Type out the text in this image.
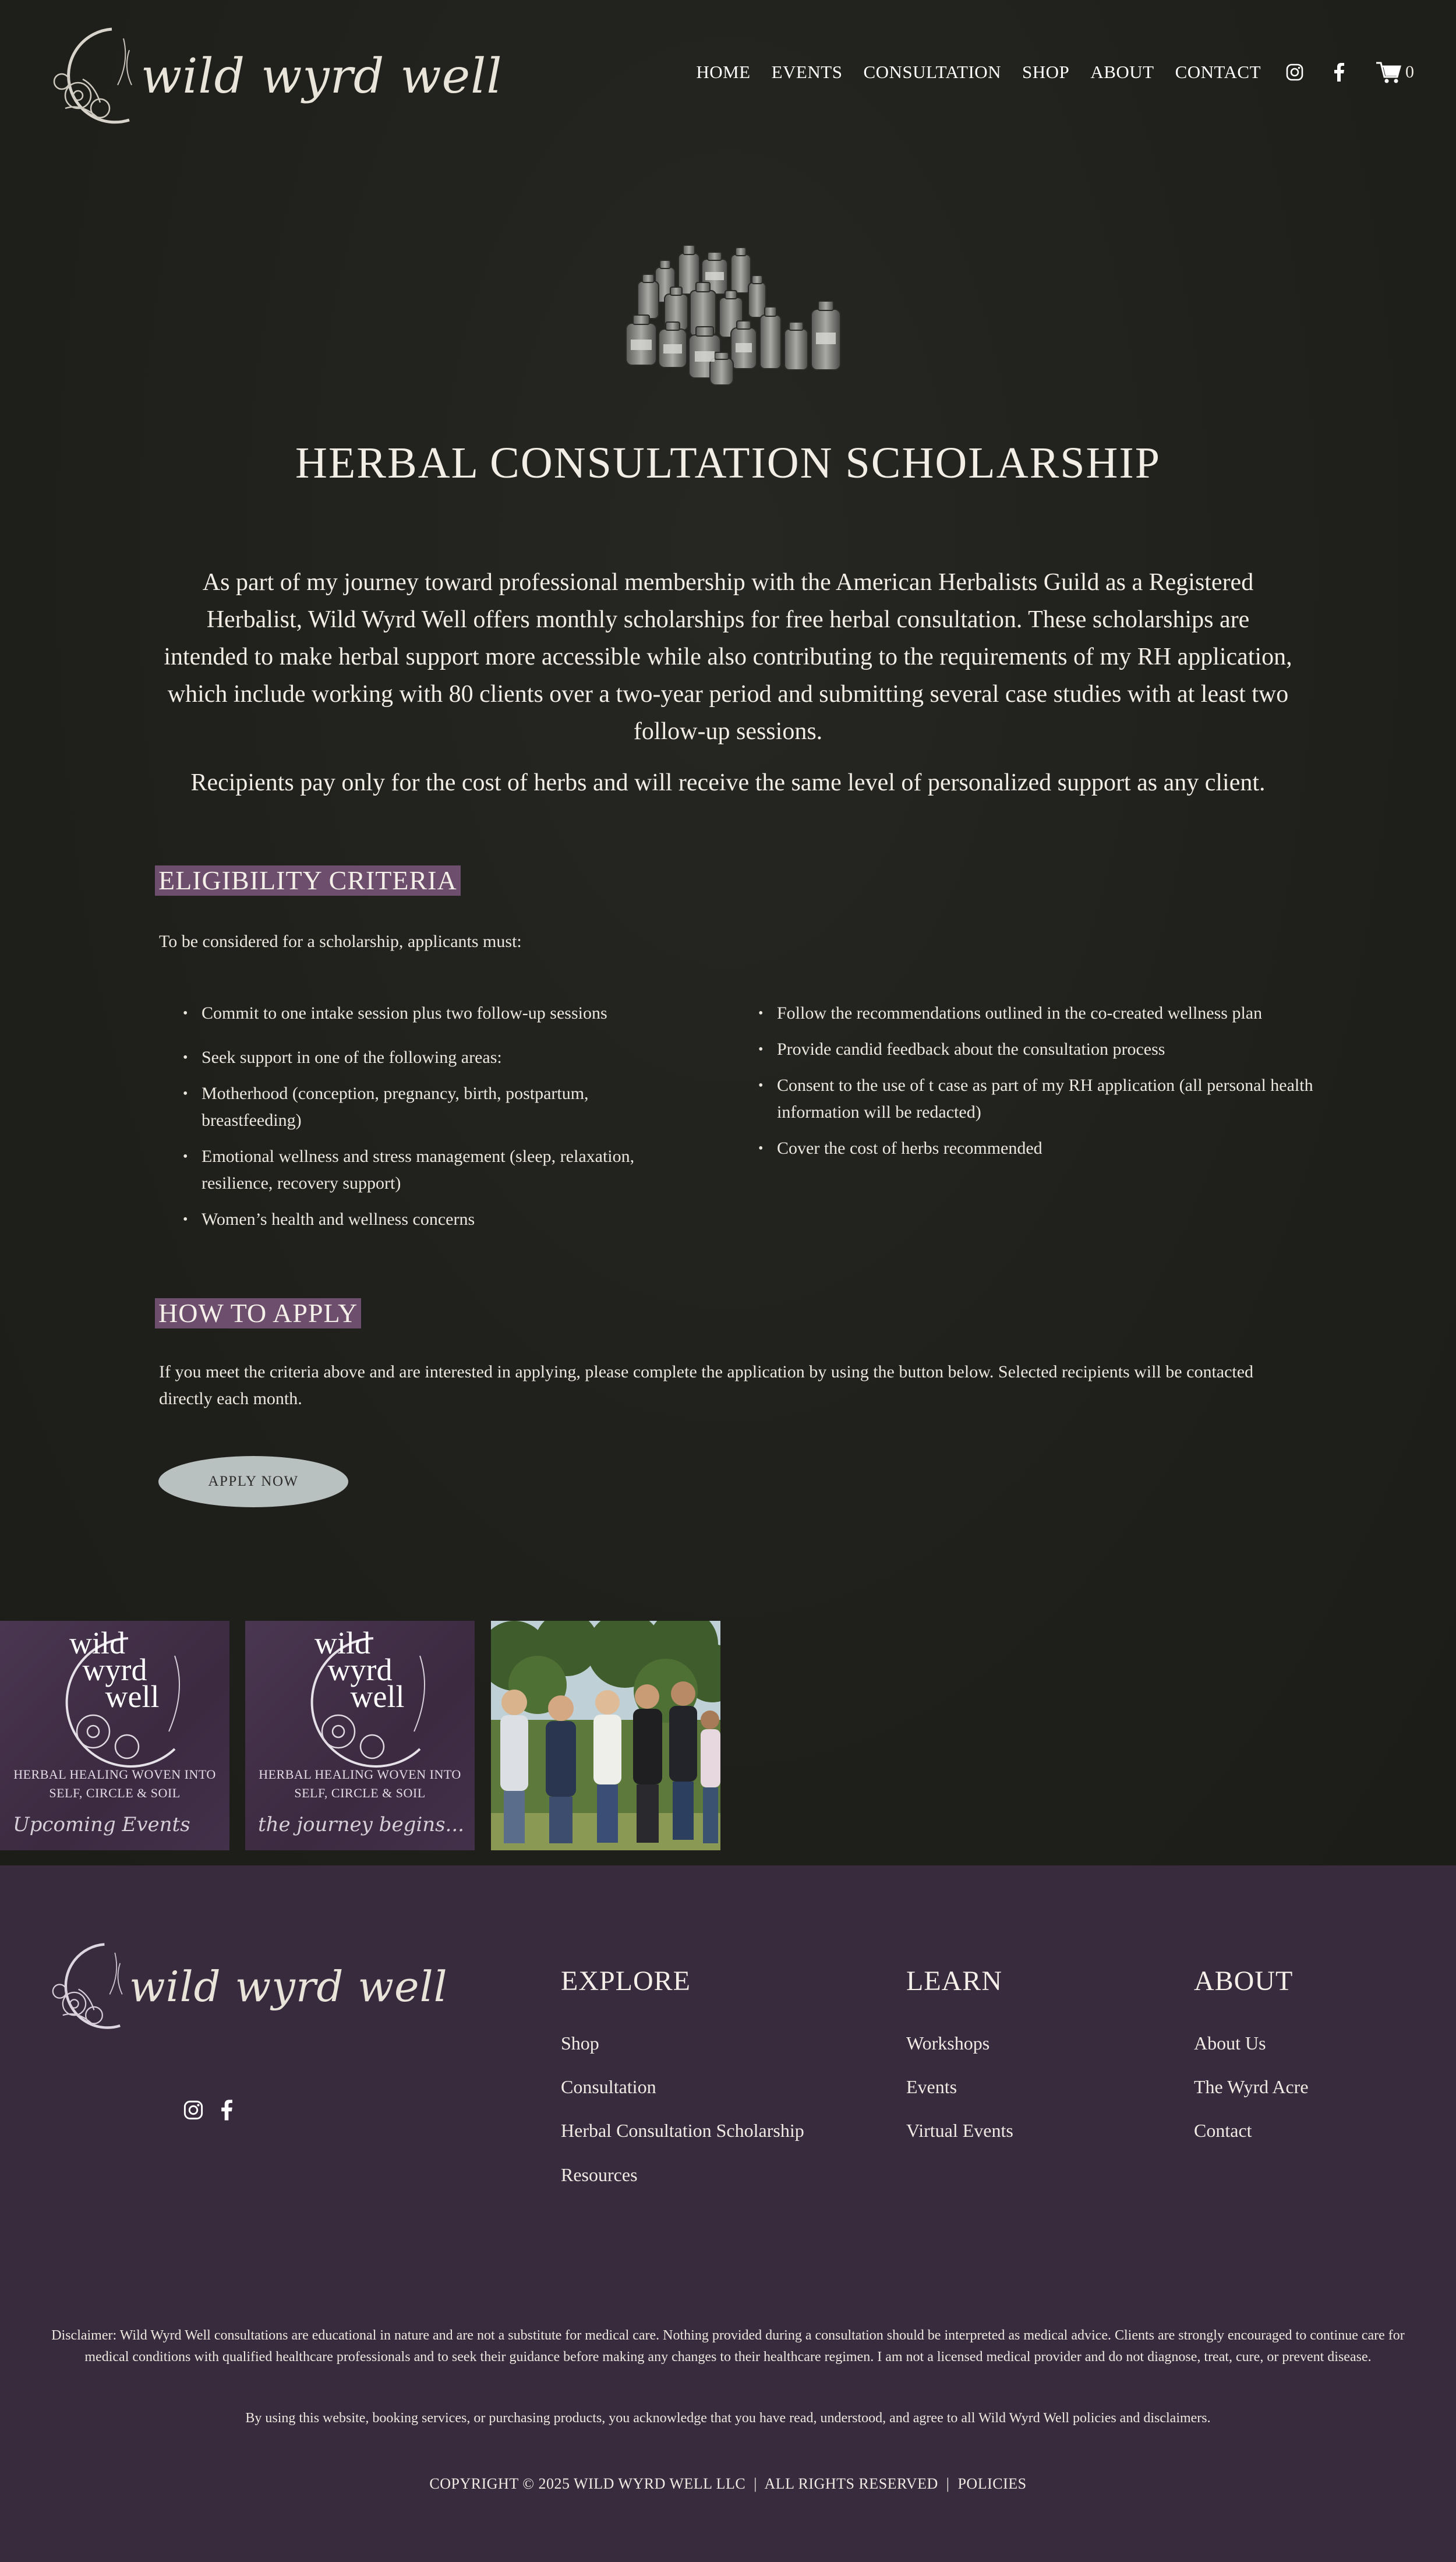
wild wyrd well	HOME EVENTS CONSULTATION SHOP ABOUT CONTACT	0
HERBAL CONSULTATION SCHOLARSHIP

As part of my journey toward professional membership with the American Herbalists Guild as a Registered Herbalist, Wild Wyrd Well offers monthly scholarships for free herbal consultation. These scholarships are intended to make herbal support more accessible while also contributing to the requirements of my RH application, which include working with 80 clients over a two-year period and submitting several case studies with at least two follow-up sessions.

Recipients pay only for the cost of herbs and will receive the same level of personalized support as any client.

ELIGIBILITY CRITERIA
To be considered for a scholarship, applicants must:
• Commit to one intake session plus two follow-up sessions
• Seek support in one of the following areas:
• Motherhood (conception, pregnancy, birth, postpartum, breastfeeding)
• Emotional wellness and stress management (sleep, relaxation, resilience, recovery support)
• Women’s health and wellness concerns
• Follow the recommendations outlined in the co-created wellness plan
• Provide candid feedback about the consultation process
• Consent to the use of t case as part of my RH application (all personal health information will be redacted)
• Cover the cost of herbs recommended
HOW TO APPLY
If you meet the criteria above and are interested in applying, please complete the application by using the button below. Selected recipients will be contacted directly each month.
APPLY NOW
wild
wyrd
well
HERBAL HEALING WOVEN INTO
SELF, CIRCLE & SOIL
Upcoming Events
wild
wyrd
well
HERBAL HEALING WOVEN INTO
SELF, CIRCLE & SOIL
the journey begins...
wild wyrd well	EXPLORE
Shop
Consultation
Herbal Consultation Scholarship
Resources
LEARN
Workshops
Events
Virtual Events
ABOUT
About Us
The Wyrd Acre
Contact
Disclaimer: Wild Wyrd Well consultations are educational in nature and are not a substitute for medical care. Nothing provided during a consultation should be interpreted as medical advice. Clients are strongly encouraged to continue care for medical conditions with qualified healthcare professionals and to seek their guidance before making any changes to their healthcare regimen. I am not a licensed medical provider and do not diagnose, treat, cure, or prevent disease.
By using this website, booking services, or purchasing products, you acknowledge that you have read, understood, and agree to all Wild Wyrd Well policies and disclaimers.
COPYRIGHT © 2025 WILD WYRD WELL LLC  |  ALL RIGHTS RESERVED  |  POLICIES
